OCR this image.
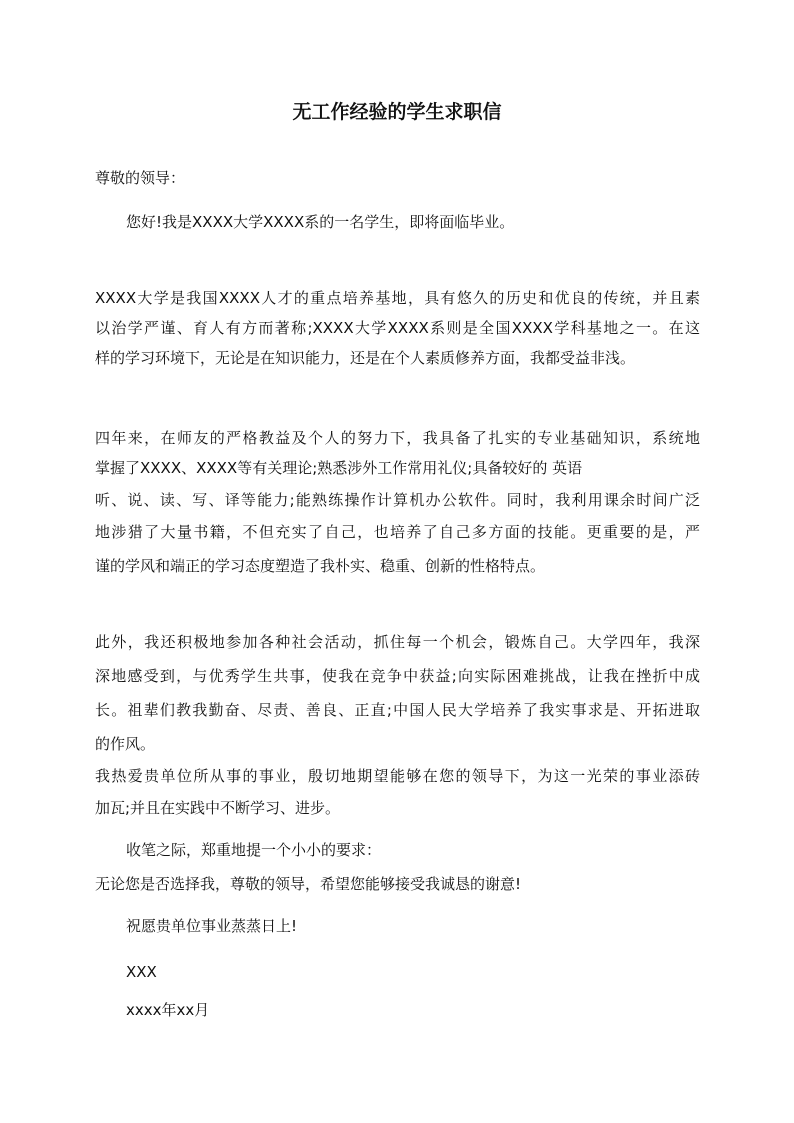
无工作经验的学生求职信
尊敬的领导：
您好!我是XXXX大学XXXX系的一名学生，即将面临毕业。
XXXX大学是我国XXXX人才的重点培养基地，具有悠久的历史和优良的传统，并且素
以治学严谨、育人有方而著称;XXXX大学XXXX系则是全国XXXX学科基地之一。在这
样的学习环境下，无论是在知识能力，还是在个人素质修养方面，我都受益非浅。
四年来，在师友的严格教益及个人的努力下，我具备了扎实的专业基础知识，系统地
掌握了XXXX、XXXX等有关理论;熟悉涉外工作常用礼仪;具备较好的 英语
听、说、读、写、译等能力;能熟练操作计算机办公软件。同时，我利用课余时间广泛
地涉猎了大量书籍，不但充实了自己，也培养了自己多方面的技能。更重要的是，严
谨的学风和端正的学习态度塑造了我朴实、稳重、创新的性格特点。
此外，我还积极地参加各种社会活动，抓住每一个机会，锻炼自己。大学四年，我深
深地感受到，与优秀学生共事，使我在竞争中获益;向实际困难挑战，让我在挫折中成
长。祖辈们教我勤奋、尽责、善良、正直;中国人民大学培养了我实事求是、开拓进取
的作风。
我热爱贵单位所从事的事业，殷切地期望能够在您的领导下，为这一光荣的事业添砖
加瓦;并且在实践中不断学习、进步。
收笔之际，郑重地提一个小小的要求：
无论您是否选择我，尊敬的领导，希望您能够接受我诚恳的谢意!
祝愿贵单位事业蒸蒸日上!
XXX
xxxx年xx月
